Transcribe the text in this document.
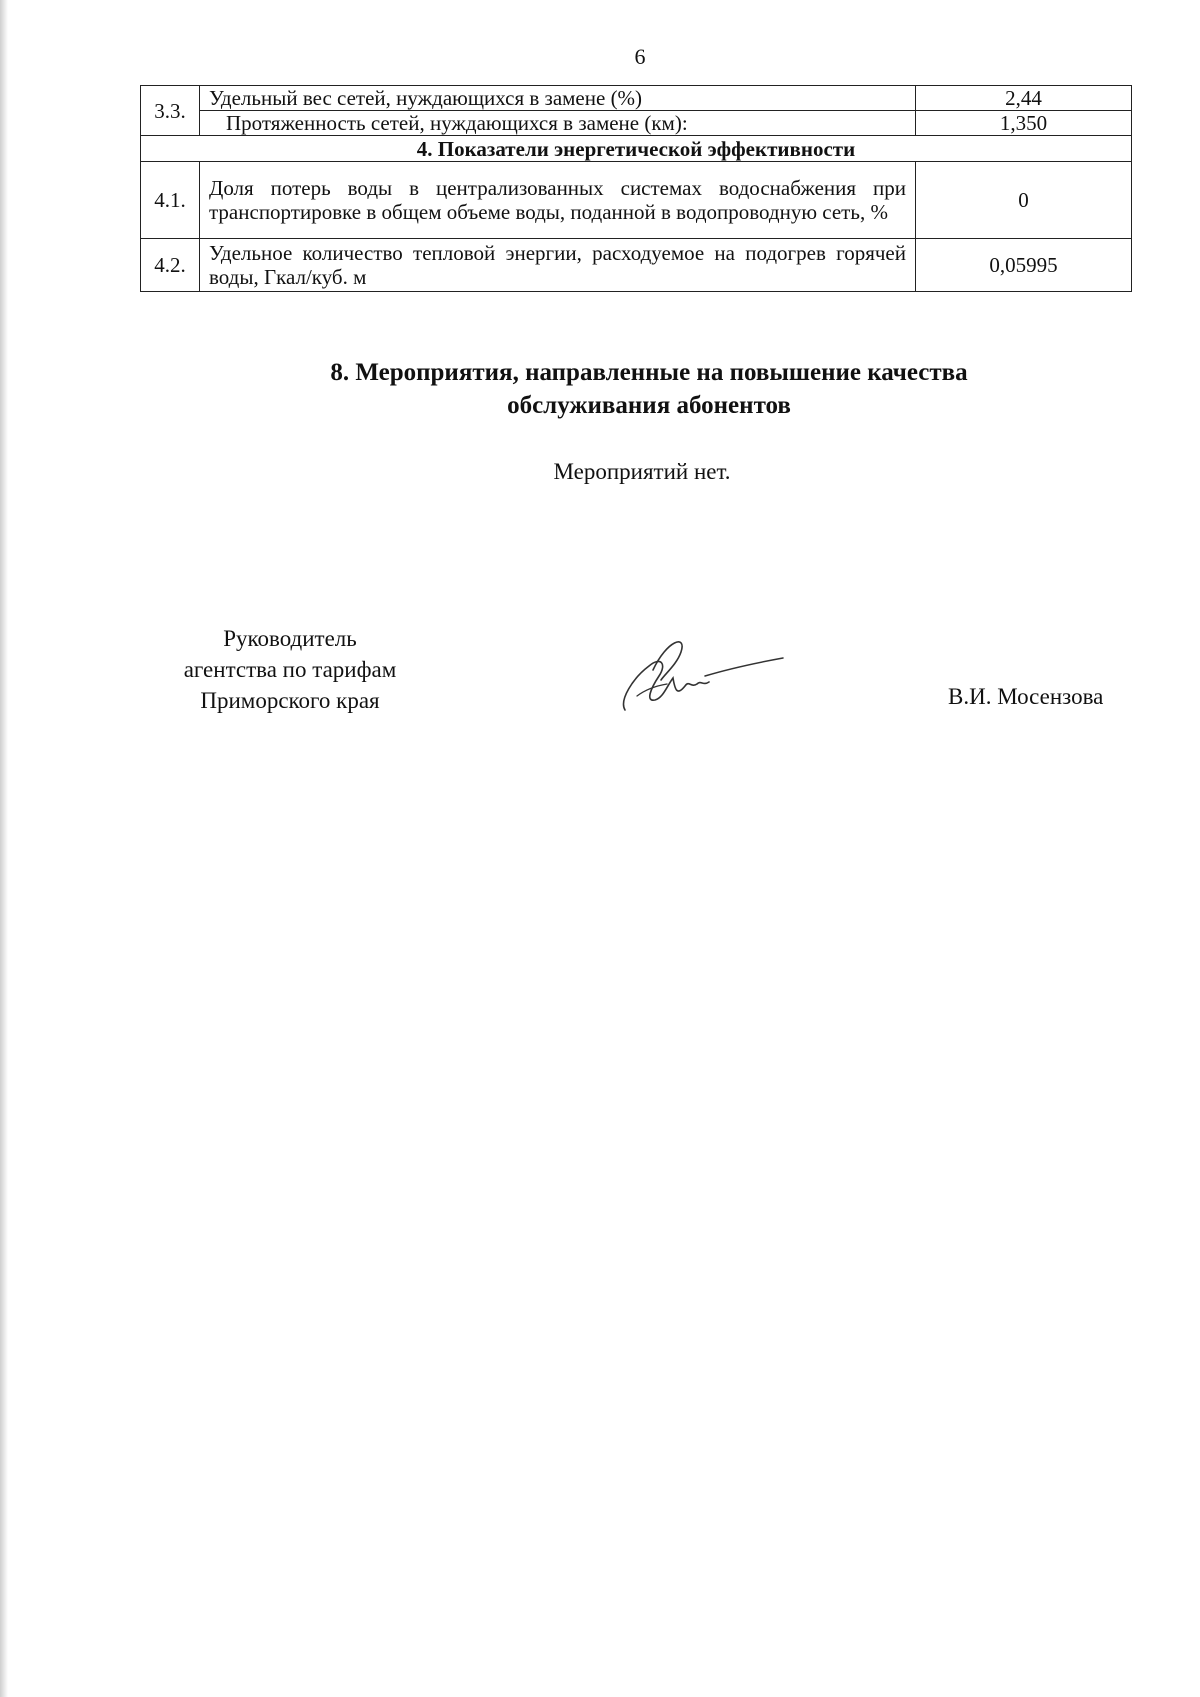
6
3.3.	Удельный вес сетей, нуждающихся в замене (%)	2,44
	Протяженность сетей, нуждающихся в замене (км):	1,350
4. Показатели энергетической эффективности		
4.1.	Доля потерь воды в централизованных системах водоснабжения при транспортировке в общем объеме воды, поданной в водопроводную сеть, %	0
4.2.	Удельное количество тепловой энергии, расходуемое на подогрев горячей воды, Гкал/куб. м	0,05995
8. Мероприятия, направленные на повышение качества
обслуживания абонентов
Мероприятий нет.
Руководитель
агентства по тарифам
Приморского края	В.И. Мосензова
